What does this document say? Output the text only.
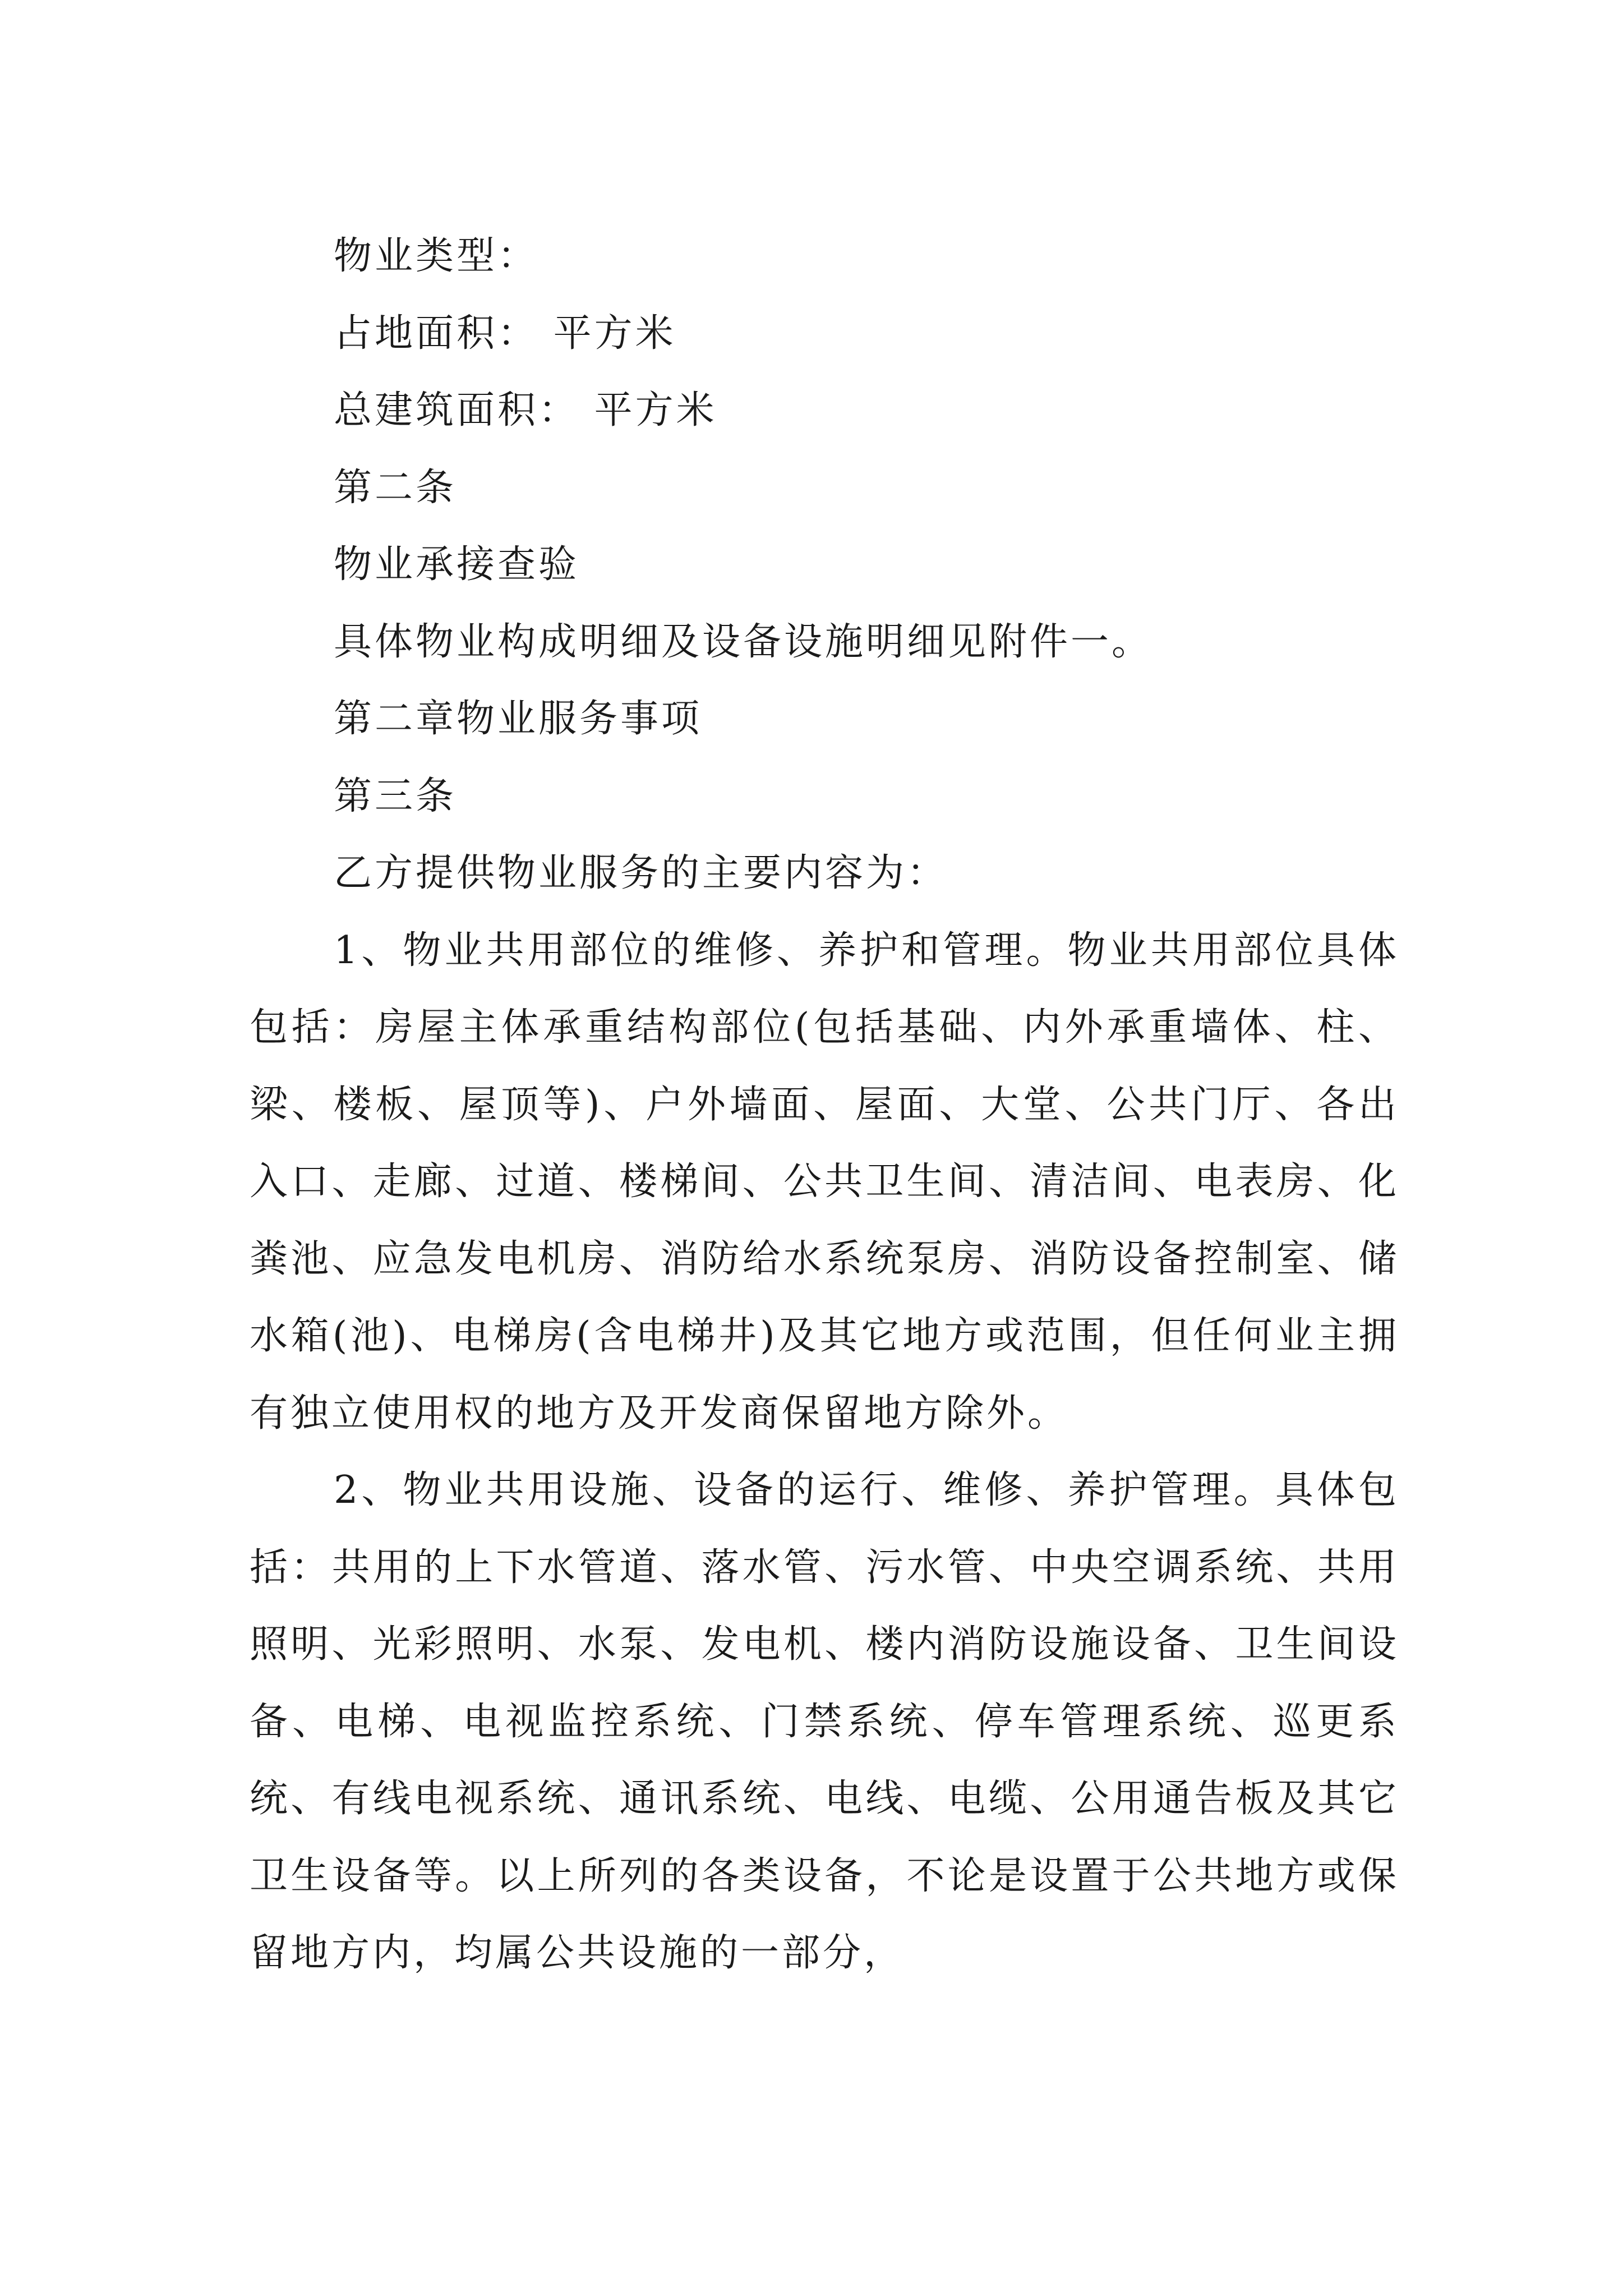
物业类型：

占地面积： 平方米

总建筑面积： 平方米

第二条

物业承接查验

具体物业构成明细及设备设施明细见附件一。

第二章物业服务事项

第三条

乙方提供物业服务的主要内容为：

1、物业共用部位的维修、养护和管理。物业共用部位具体包括：房屋主体承重结构部位(包括基础、内外承重墙体、柱、梁、楼板、屋顶等)、户外墙面、屋面、大堂、公共门厅、各出入口、走廊、过道、楼梯间、公共卫生间、清洁间、电表房、化粪池、应急发电机房、消防给水系统泵房、消防设备控制室、储水箱(池)、电梯房(含电梯井)及其它地方或范围，但任何业主拥有独立使用权的地方及开发商保留地方除外。

2、物业共用设施、设备的运行、维修、养护管理。具体包括：共用的上下水管道、落水管、污水管、中央空调系统、共用照明、光彩照明、水泵、发电机、楼内消防设施设备、卫生间设备、电梯、电视监控系统、门禁系统、停车管理系统、巡更系统、有线电视系统、通讯系统、电线、电缆、公用通告板及其它卫生设备等。以上所列的各类设备，不论是设置于公共地方或保留地方内，均属公共设施的一部分，
